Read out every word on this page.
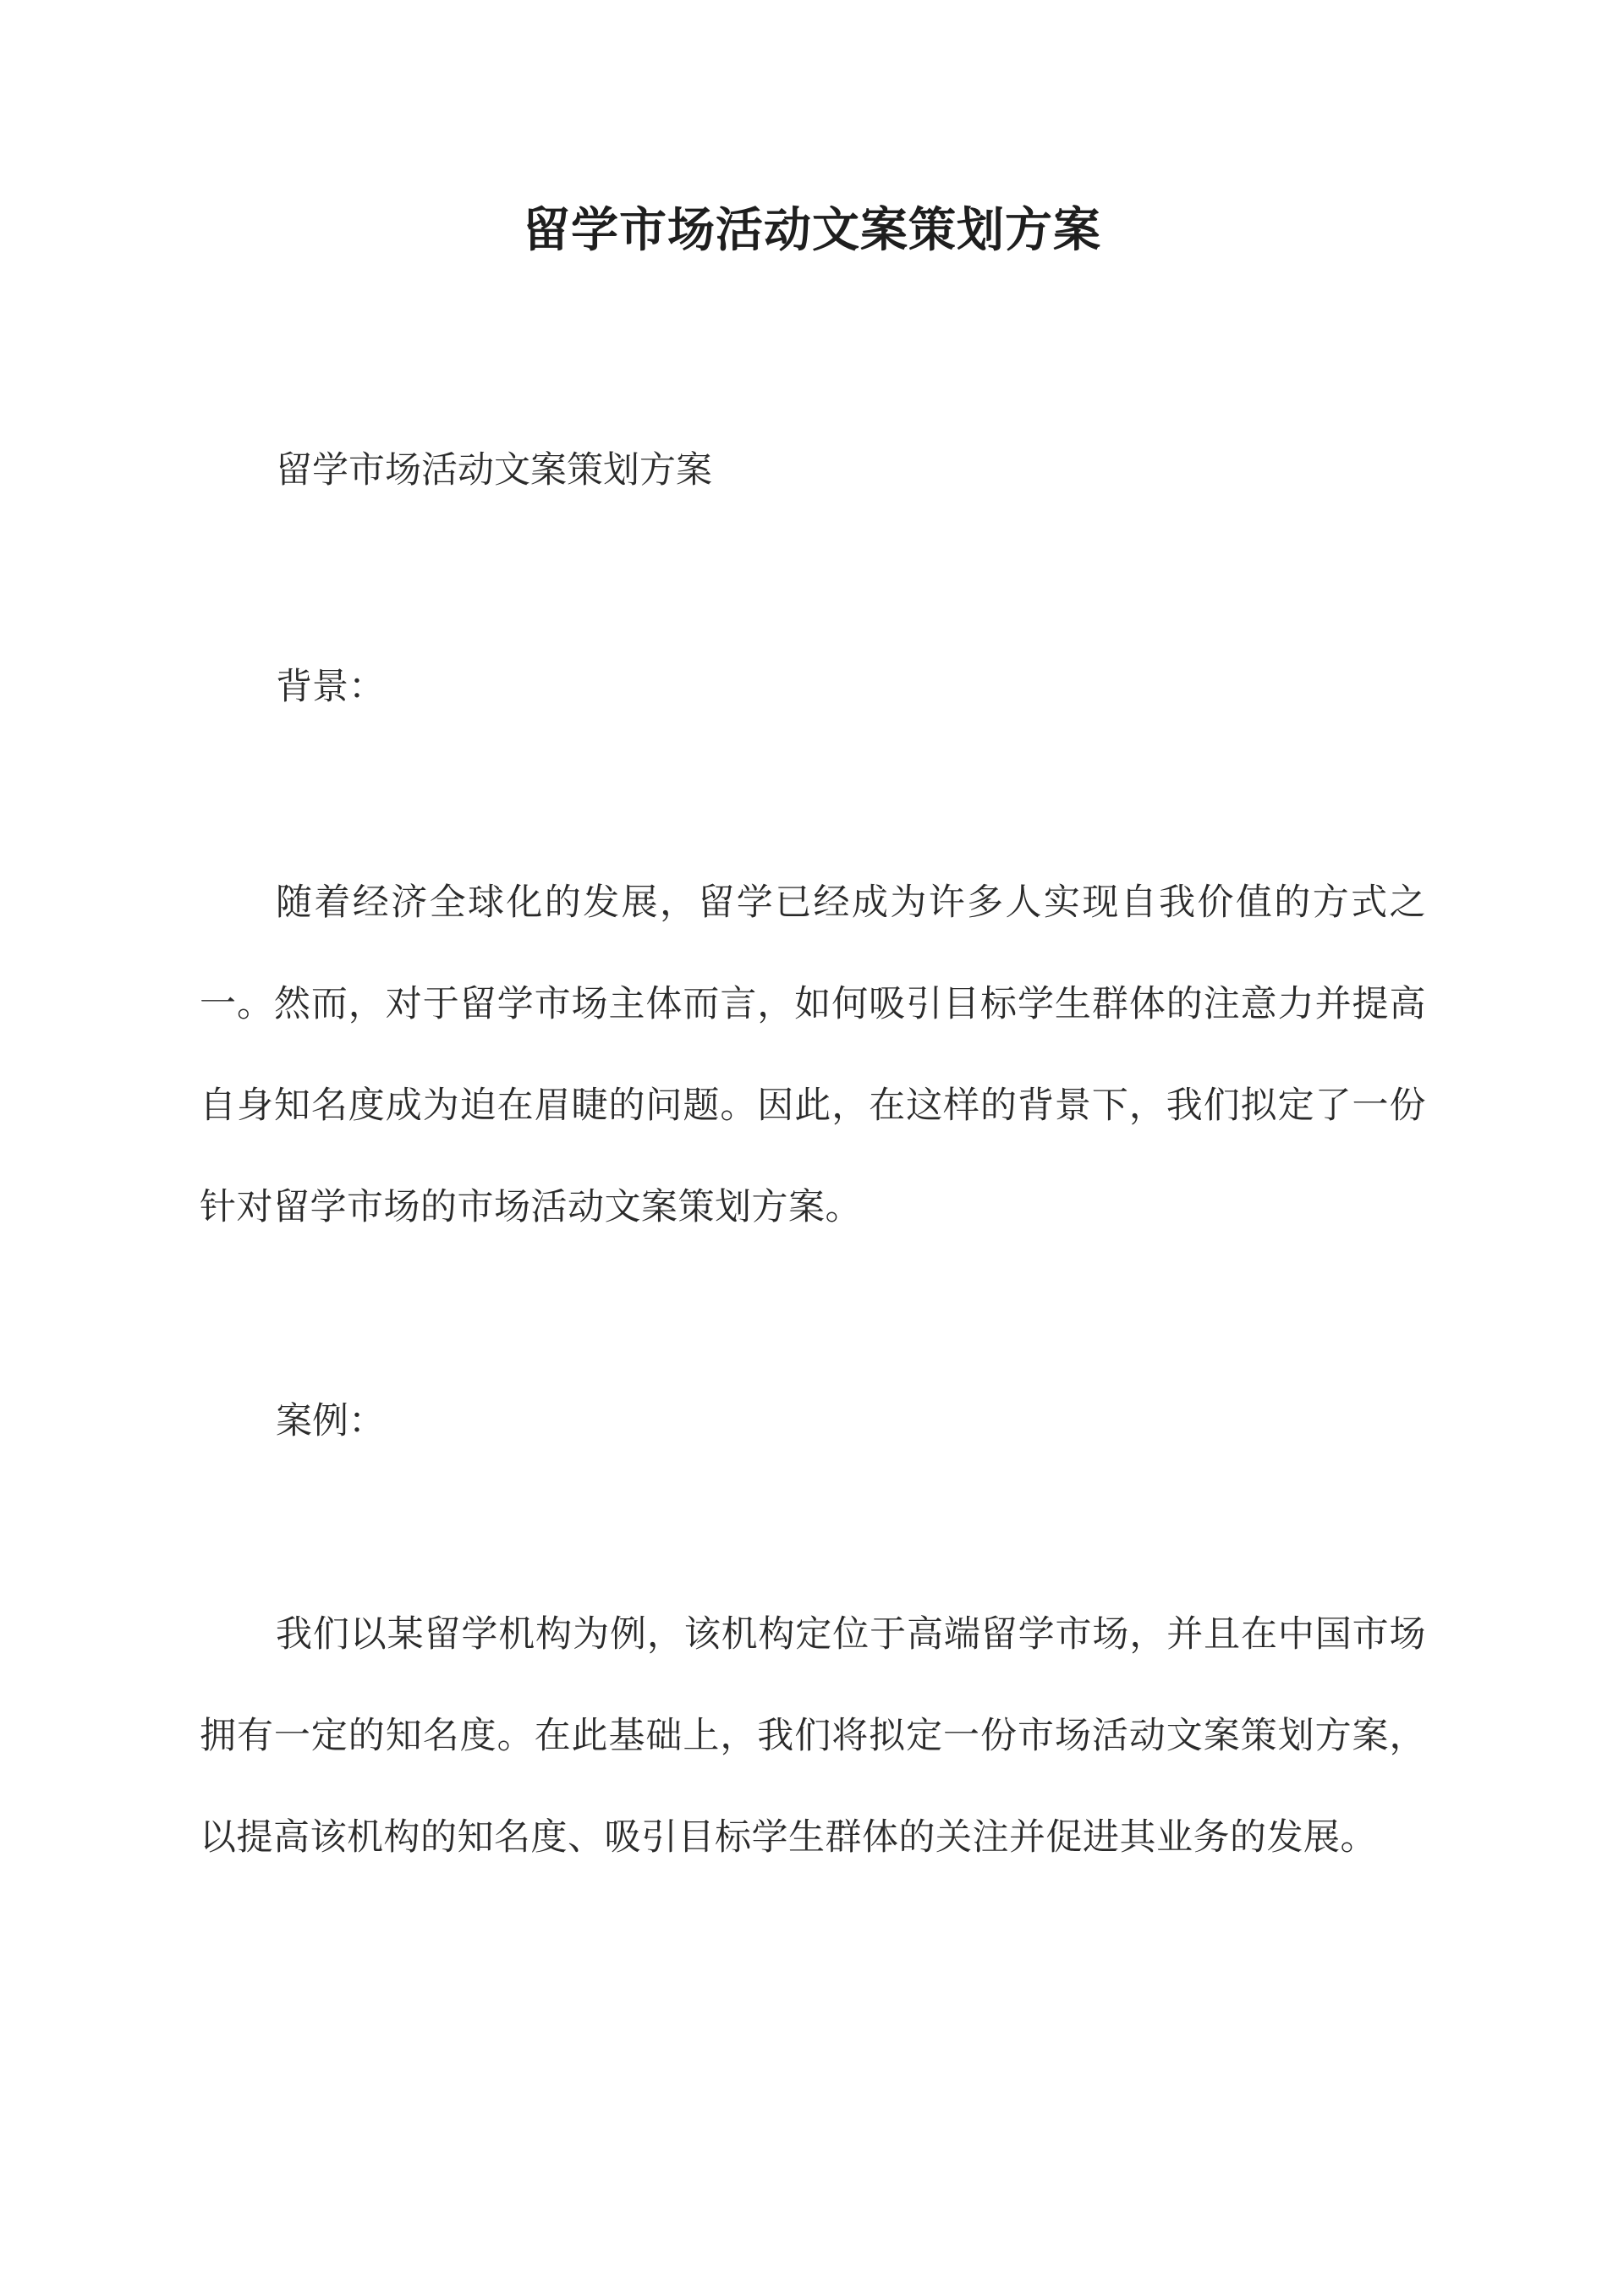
留学市场活动文案策划方案

留学市场活动文案策划方案

背景：

随着经济全球化的发展，留学已经成为许多人实现自我价值的方式之一。然而，对于留学市场主体而言，如何吸引目标学生群体的注意力并提高自身知名度成为迫在眉睫的问题。因此，在这样的背景下，我们拟定了一份针对留学市场的市场活动文案策划方案。

案例：

我们以某留学机构为例，该机构定位于高端留学市场，并且在中国市场拥有一定的知名度。在此基础上，我们将拟定一份市场活动文案策划方案，以提高该机构的知名度、吸引目标学生群体的关注并促进其业务的发展。
